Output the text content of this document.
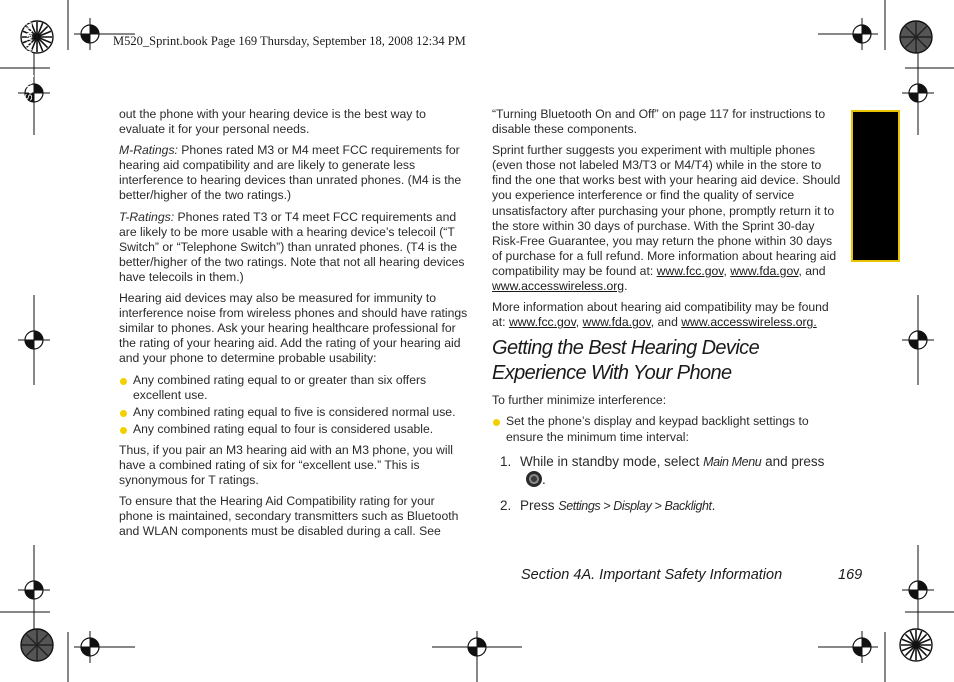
M520_Sprint.book Page 169 Thursday, September 18, 2008 12:34 PM
Important Safety Information	out the phone with your hearing device is the best way to evaluate it for your personal needs.

M-Ratings: Phones rated M3 or M4 meet FCC requirements for hearing aid compatibility and are likely to generate less interference to hearing devices than unrated phones. (M4 is the better/higher of the two ratings.)

T-Ratings: Phones rated T3 or T4 meet FCC requirements and are likely to be more usable with a hearing device’s telecoil (“T Switch” or “Telephone Switch”) than unrated phones. (T4 is the better/higher of the two ratings. Note that not all hearing devices have telecoils in them.)

Hearing aid devices may also be measured for immunity to interference noise from wireless phones and should have ratings similar to phones. Ask your hearing healthcare professional for the rating of your hearing aid. Add the rating of your hearing aid and your phone to determine probable usability:

Any combined rating equal to or greater than six offers excellent use.
Any combined rating equal to five is considered normal use.
Any combined rating equal to four is considered usable.

Thus, if you pair an M3 hearing aid with an M3 phone, you will have a combined rating of six for “excellent use.” This is synonymous for T ratings.

To ensure that the Hearing Aid Compatibility rating for your phone is maintained, secondary transmitters such as Bluetooth and WLAN components must be disabled during a call. See

“Turning Bluetooth On and Off” on page 117 for instructions to disable these components.

Sprint further suggests you experiment with multiple phones (even those not labeled M3/T3 or M4/T4) while in the store to find the one that works best with your hearing aid device. Should you experience interference or find the quality of service unsatisfactory after purchasing your phone, promptly return it to the store within 30 days of purchase. With the Sprint 30-day Risk-Free Guarantee, you may return the phone within 30 days of purchase for a full refund. More information about hearing aid compatibility may be found at: www.fcc.gov, www.fda.gov, and www.accesswireless.org.

More information about hearing aid compatibility may be found at: www.fcc.gov, www.fda.gov, and www.accesswireless.org.

Getting the Best Hearing Device Experience With Your Phone

To further minimize interference:

Set the phone’s display and keypad backlight settings to ensure the minimum time interval:
1. While in standby mode, select Main Menu and press
.
2. Press Settings > Display > Backlight.
Section 4A. Important Safety Information	169
